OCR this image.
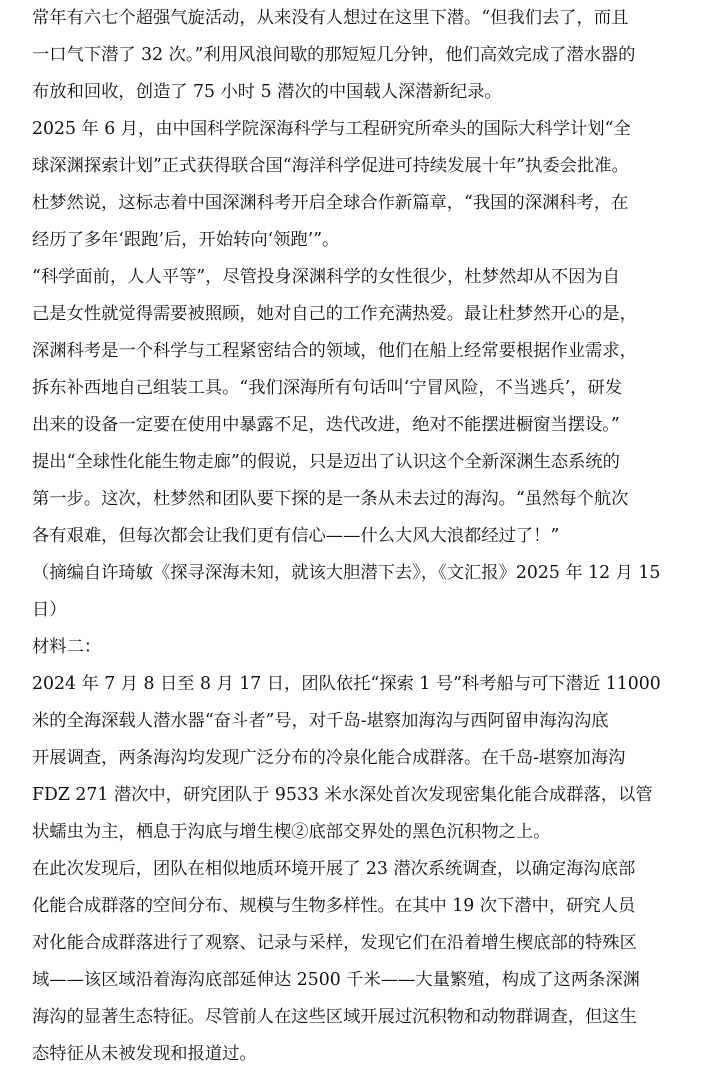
常年有六七个超强气旋活动，从来没有人想过在这里下潜。“但我们去了，而且
一口气下潜了 32 次。”利用风浪间歇的那短短几分钟，他们高效完成了潜水器的
布放和回收，创造了 75 小时 5 潜次的中国载人深潜新纪录。
2025 年 6 月，由中国科学院深海科学与工程研究所牵头的国际大科学计划“全
球深渊探索计划”正式获得联合国“海洋科学促进可持续发展十年”执委会批准。
杜梦然说，这标志着中国深渊科考开启全球合作新篇章，“我国的深渊科考，在
经历了多年‘跟跑’后，开始转向‘领跑’”。
“科学面前，人人平等”，尽管投身深渊科学的女性很少，杜梦然却从不因为自
己是女性就觉得需要被照顾，她对自己的工作充满热爱。最让杜梦然开心的是，
深渊科考是一个科学与工程紧密结合的领域，他们在船上经常要根据作业需求，
拆东补西地自己组装工具。“我们深海所有句话叫‘宁冒风险，不当逃兵’，研发
出来的设备一定要在使用中暴露不足，迭代改进，绝对不能摆进橱窗当摆设。”
提出“全球性化能生物走廊”的假说，只是迈出了认识这个全新深渊生态系统的
第一步。这次，杜梦然和团队要下探的是一条从未去过的海沟。“虽然每个航次
各有艰难，但每次都会让我们更有信心——什么大风大浪都经过了！”
（摘编自许琦敏《探寻深海未知，就该大胆潜下去》，《文汇报》2025 年 12 月 15
日）
材料二：
2024 年 7 月 8 日至 8 月 17 日，团队依托“探索 1 号”科考船与可下潜近 11000
米的全海深载人潜水器“奋斗者”号，对千岛-堪察加海沟与西阿留申海沟沟底
开展调查，两条海沟均发现广泛分布的冷泉化能合成群落。在千岛-堪察加海沟
FDZ 271 潜次中，研究团队于 9533 米水深处首次发现密集化能合成群落，以管
状蠕虫为主，栖息于沟底与增生楔②底部交界处的黑色沉积物之上。
在此次发现后，团队在相似地质环境开展了 23 潜次系统调查，以确定海沟底部
化能合成群落的空间分布、规模与生物多样性。在其中 19 次下潜中，研究人员
对化能合成群落进行了观察、记录与采样，发现它们在沿着增生楔底部的特殊区
域——该区域沿着海沟底部延伸达 2500 千米——大量繁殖，构成了这两条深渊
海沟的显著生态特征。尽管前人在这些区域开展过沉积物和动物群调查，但这生
态特征从未被发现和报道过。
